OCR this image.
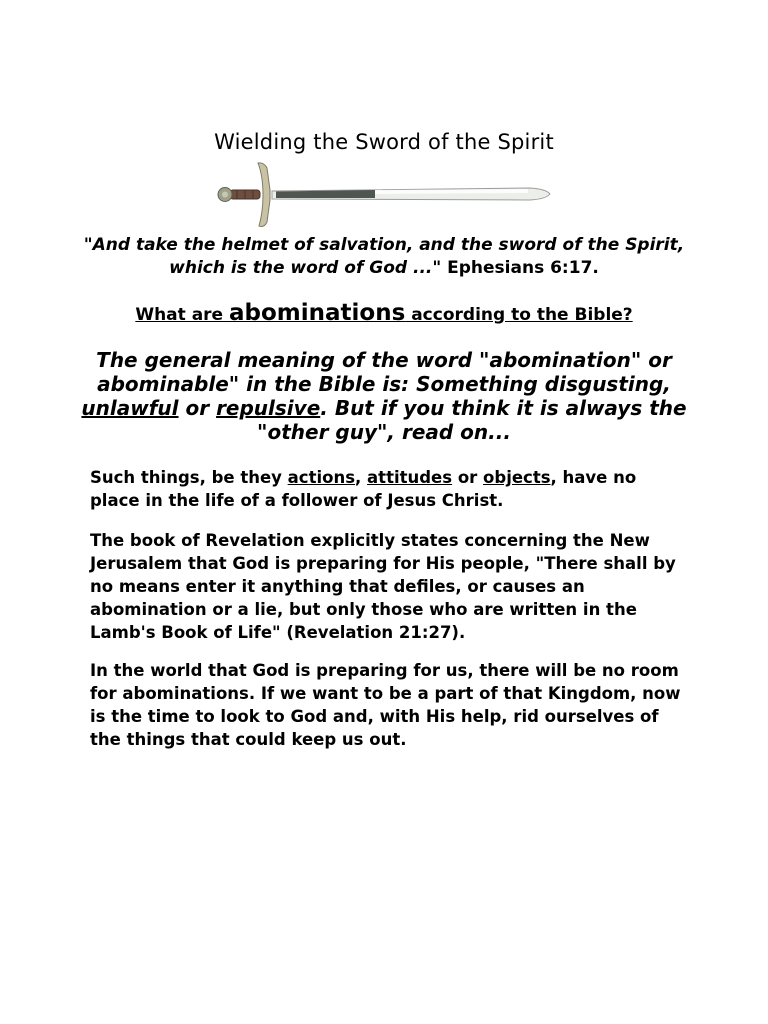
Wielding the Sword of the Spirit
"And take the helmet of salvation, and the sword of the Spirit, which is the word of God ..." Ephesians 6:17.
What are abominations according to the Bible?
The general meaning of the word "abomination" or abominable" in the Bible is: Something disgusting, unlawful or repulsive. But if you think it is always the "other guy", read on...
Such things, be they actions, attitudes or objects, have no place in the life of a follower of Jesus Christ.
The book of Revelation explicitly states concerning the New Jerusalem that God is preparing for His people, "There shall by no means enter it anything that defiles, or causes an abomination or a lie, but only those who are written in the Lamb's Book of Life" (Revelation 21:27).
In the world that God is preparing for us, there will be no room for abominations. If we want to be a part of that Kingdom, now is the time to look to God and, with His help, rid ourselves of the things that could keep us out.
